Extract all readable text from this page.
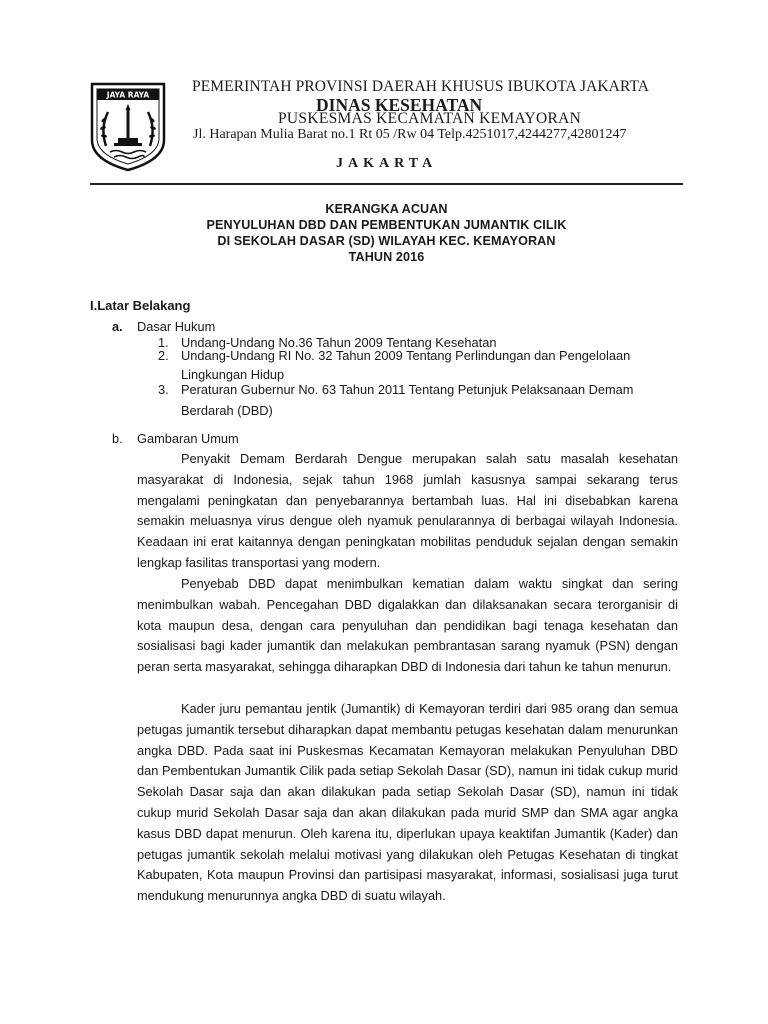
JAYA RAYA	PEMERINTAH PROVINSI DAERAH KHUSUS IBUKOTA JAKARTA
DINAS KESEHATAN
PUSKESMAS KECAMATAN KEMAYORAN
Jl. Harapan Mulia Barat no.1 Rt 05 /Rw 04 Telp.4251017,4244277,42801247
JAKARTA
KERANGKA ACUAN
PENYULUHAN DBD DAN PEMBENTUKAN JUMANTIK CILIK
DI SEKOLAH DASAR (SD) WILAYAH KEC. KEMAYORAN
TAHUN 2016
I.Latar Belakang
a. Dasar Hukum
1. Undang-Undang No.36 Tahun 2009 Tentang Kesehatan
2. Undang-Undang RI No. 32 Tahun 2009 Tentang Perlindungan dan Pengelolaan
Lingkungan Hidup
3. Peraturan Gubernur No. 63 Tahun 2011 Tentang Petunjuk Pelaksanaan Demam
Berdarah (DBD)
b. Gambaran Umum
Penyakit Demam Berdarah Dengue merupakan salah satu masalah kesehatan masyarakat di Indonesia, sejak tahun 1968 jumlah kasusnya sampai sekarang terus mengalami peningkatan dan penyebarannya bertambah luas. Hal ini disebabkan karena semakin meluasnya virus dengue oleh nyamuk penularannya di berbagai wilayah Indonesia. Keadaan ini erat kaitannya dengan peningkatan mobilitas penduduk sejalan dengan semakin lengkap fasilitas transportasi yang modern.
Penyebab DBD dapat menimbulkan kematian dalam waktu singkat dan sering menimbulkan wabah. Pencegahan DBD digalakkan dan dilaksanakan secara terorganisir di kota maupun desa, dengan cara penyuluhan dan pendidikan bagi tenaga kesehatan dan sosialisasi bagi kader jumantik dan melakukan pembrantasan sarang nyamuk (PSN) dengan peran serta masyarakat, sehingga diharapkan DBD di Indonesia dari tahun ke tahun menurun.
Kader juru pemantau jentik (Jumantik) di Kemayoran terdiri dari 985 orang dan semua petugas jumantik tersebut diharapkan dapat membantu petugas kesehatan dalam menurunkan angka DBD. Pada saat ini Puskesmas Kecamatan Kemayoran melakukan Penyuluhan DBD dan Pembentukan Jumantik Cilik pada setiap Sekolah Dasar (SD), namun ini tidak cukup murid Sekolah Dasar saja dan akan dilakukan pada setiap Sekolah Dasar (SD), namun ini tidak cukup murid Sekolah Dasar saja dan akan dilakukan pada murid SMP dan SMA agar angka kasus DBD dapat menurun. Oleh karena itu, diperlukan upaya keaktifan Jumantik (Kader) dan petugas jumantik sekolah melalui motivasi yang dilakukan oleh Petugas Kesehatan di tingkat Kabupaten, Kota maupun Provinsi dan partisipasi masyarakat, informasi, sosialisasi juga turut mendukung menurunnya angka DBD di suatu wilayah.
